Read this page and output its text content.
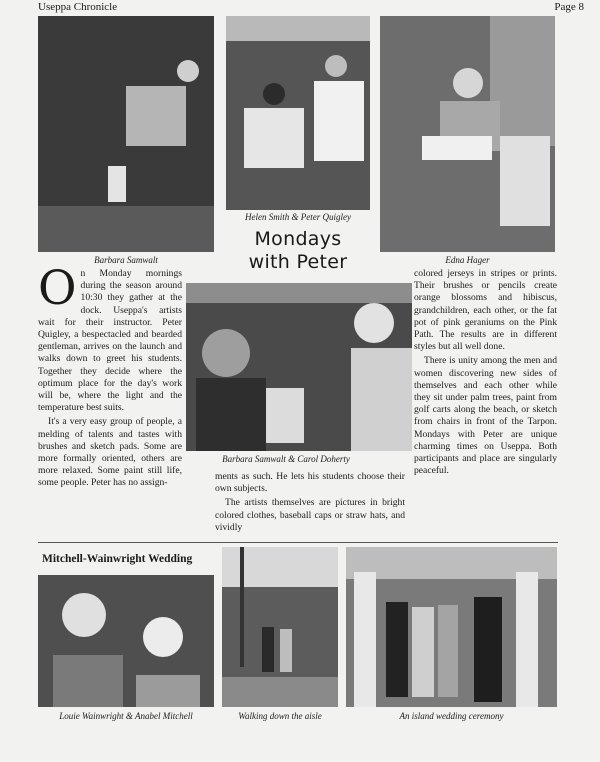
Useppa Chronicle	Page 8
Barbara Samwalt
Helen Smith & Peter Quigley
Edna Hager
Mondays
with Peter
Barbara Samwalt & Carol Doherty

On Monday mornings during the season around 10:30 they gather at the dock. Useppa's artists wait for their instructor. Peter Quigley, a bespectacled and bearded gentleman, arrives on the launch and walks down to greet his students. Together they decide where the optimum place for the day's work will be, where the light and the temperature best suits.

It's a very easy group of people, a melding of talents and tastes with brushes and sketch pads. Some are more formally oriented, others are more relaxed. Some paint still life, some people. Peter has no assign-

ments as such. He lets his students choose their own subjects.

The artists themselves are pictures in bright colored clothes, baseball caps or straw hats, and vividly

colored jerseys in stripes or prints. Their brushes or pencils create orange blossoms and hibiscus, grandchildren, each other, or the fat pot of pink geraniums on the Pink Path. The results are in different styles but all well done.

There is unity among the men and women discovering new sides of themselves and each other while they sit under palm trees, paint from golf carts along the beach, or sketch from chairs in front of the Tarpon. Mondays with Peter are unique charming times on Useppa. Both participants and place are singularly peaceful.

Mitchell-Wainwright Wedding
Louie Wainwright & Anabel Mitchell	Walking down the aisle	An island wedding ceremony
